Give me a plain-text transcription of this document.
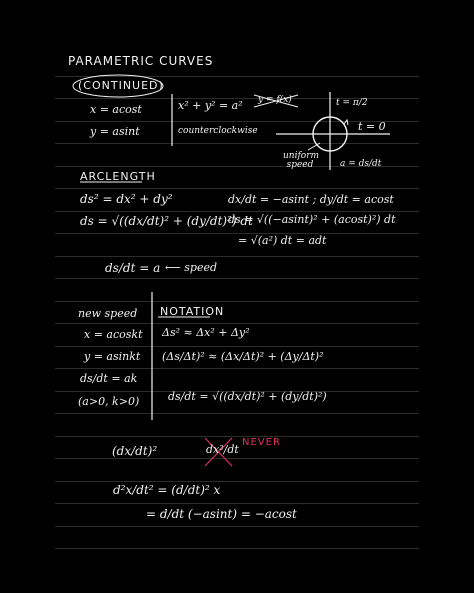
PARAMETRIC CURVES
(CONTINUED)
x = acost
y = asint
x² + y² = a² y = f(x)
counterclockwise
t = π/2
t = 0
uniform speed	a = ds/dt
ARCLENGTH
ds² = dx² + dy²
ds = √((dx/dt)² + (dy/dt)²) dt
dx/dt = −asint ; dy/dt = acost
ds = √((−asint)² + (acost)²) dt
= √(a²) dt = adt
ds/dt = a ⟵ speed
new speed
x = acoskt
y = asinkt
ds/dt = ak
(a>0, k>0)
NOTATION
Δs² ≈ Δx² + Δy²
(Δs/Δt)² ≈ (Δx/Δt)² + (Δy/Δt)²
ds/dt = √((dx/dt)² + (dy/dt)²)
(dx/dt)²	dx²/dt
NEVER
d²x/dt² = (d/dt)² x
= d/dt (−asint) = −acost
